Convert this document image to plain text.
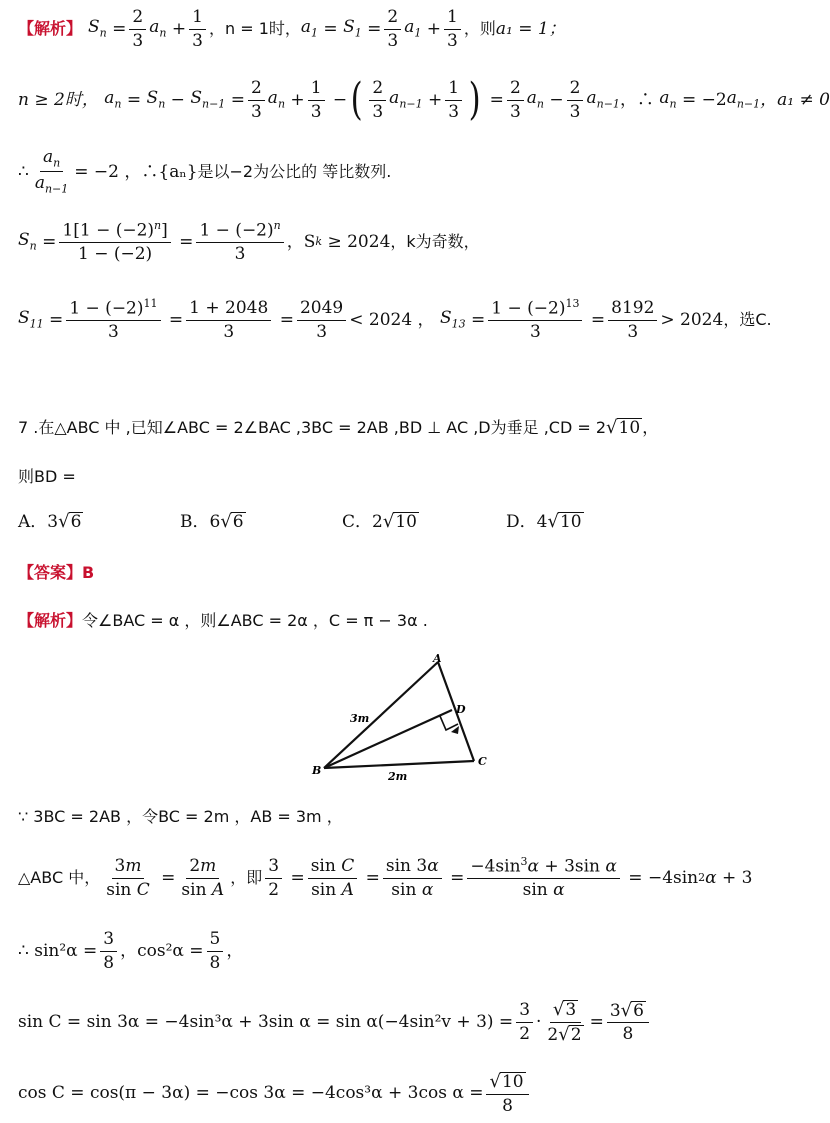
【解析】 $S_n = \frac{2}{3} a_n + \frac{1}{3}$ ，n = 1时， $a_1 = S_1 = \frac{2}{3} a_1 + \frac{1}{3}$ ，则 a₁ = 1；
n ≥ 2时，
$a_n = S_n - S_{n-1} = \frac{2}{3} a_n + \frac{1}{3}$ − ( $\frac{2}{3} a_{n-1} + \frac{1}{3}$ ) = $\frac{2}{3} a_n - \frac{2}{3} a_{n-1}$ ，∴ $a_n = -2$ $a_{n-1}$ ，a₁ ≠ 0
∴ $\frac{a_n}{a_{n-1}} = -2$ ，∴{aₙ} 是以−2为公比的 等比数列.
$S_n = \frac{1[1 - (-2)^n]}{1 - (-2)} = \frac{1 - (-2)^n}{3}$ ，S k
≥ 2024 ，k为奇数，
$S_{11} = \frac{1 - (-2)^{11}}{3} = \frac{1 + 2048}{3} = \frac{2049}{3} < 2024$ ， $S_{13} = \frac{1 - (-2)^{13}}{3} = \frac{8192}{3} > 2024$ ，选C.
7 .在△ABC 中 ,已知∠ABC = 2∠BAC ,3BC = 2AB ,BD ⊥ AC ,D为垂足 ,CD = 2 √ 10 ，
则BD =
A．3 √ 6	B．6 √ 6	C．2 √ 10	D．4 √ 10
【答案】 B
【解析】 令∠BAC = α ，则∠ABC = 2α ，C = π − 3α .
A
B
C
D
3m
2m
∵ 3BC = 2AB ，令BC = 2m ，AB = 3m ，
△ABC 中， $\frac{3m}{\text{sin C}} = \frac{2m}{\text{sin A}}$ ，即 $\frac{3}{2} = \frac{\text{sin C}}{\text{sin A}} = \frac{\sin 3\alpha}{\text{sin α}} = \frac{-4\sin^3\alpha + 3\sin \alpha}{\text{sin α}} = -4\sin$ 2 α + 3
∴ $\sin^2\alpha = \frac{3}{8}$ ，$\cos^2\alpha = \frac{5}{8}$ ，
sin C = sin 3α = −4sin³α + 3sin $\alpha = \sin \alpha(-4\sin^2v + 3) = \frac{3}{2} \cdot \frac{√ 3}{2 √ 2} = \frac{3 √ 6}{8}$
cos C = cos(π − 3α) = −cos 3α = −4cos³α + 3cos $\alpha = \frac{√ 10}{8}$
